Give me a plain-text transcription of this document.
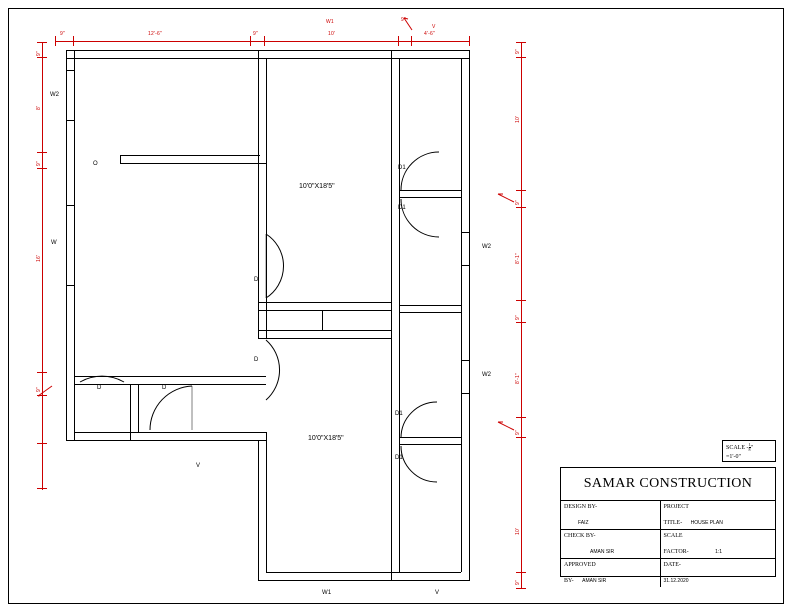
9"	12'-6"	9"
W1
10'
9"
V
4'-6"
9"
8'
9"
16'
9"
9"
10'
9"
8'-1"
9"
8'-1"
9"
10'
9"
10'0"X18'5"
10'0"X18'5"
W2
W
W2
W2
O
D
D
D	D
D1
D1
D1
D1
V
W1	V
SCALE - $\frac{1}{8}$ "
=1'-0"
SAMAR CONSTRUCTION
DESIGN BY-
FAIZ
PROJECT
TITLE- HOUSE PLAN
CHECK BY-
AMAN SIR
SCALE
FACTOR-	1:1
APPROVED
BY- AMAN SIR
DATE-
31.12.2020
